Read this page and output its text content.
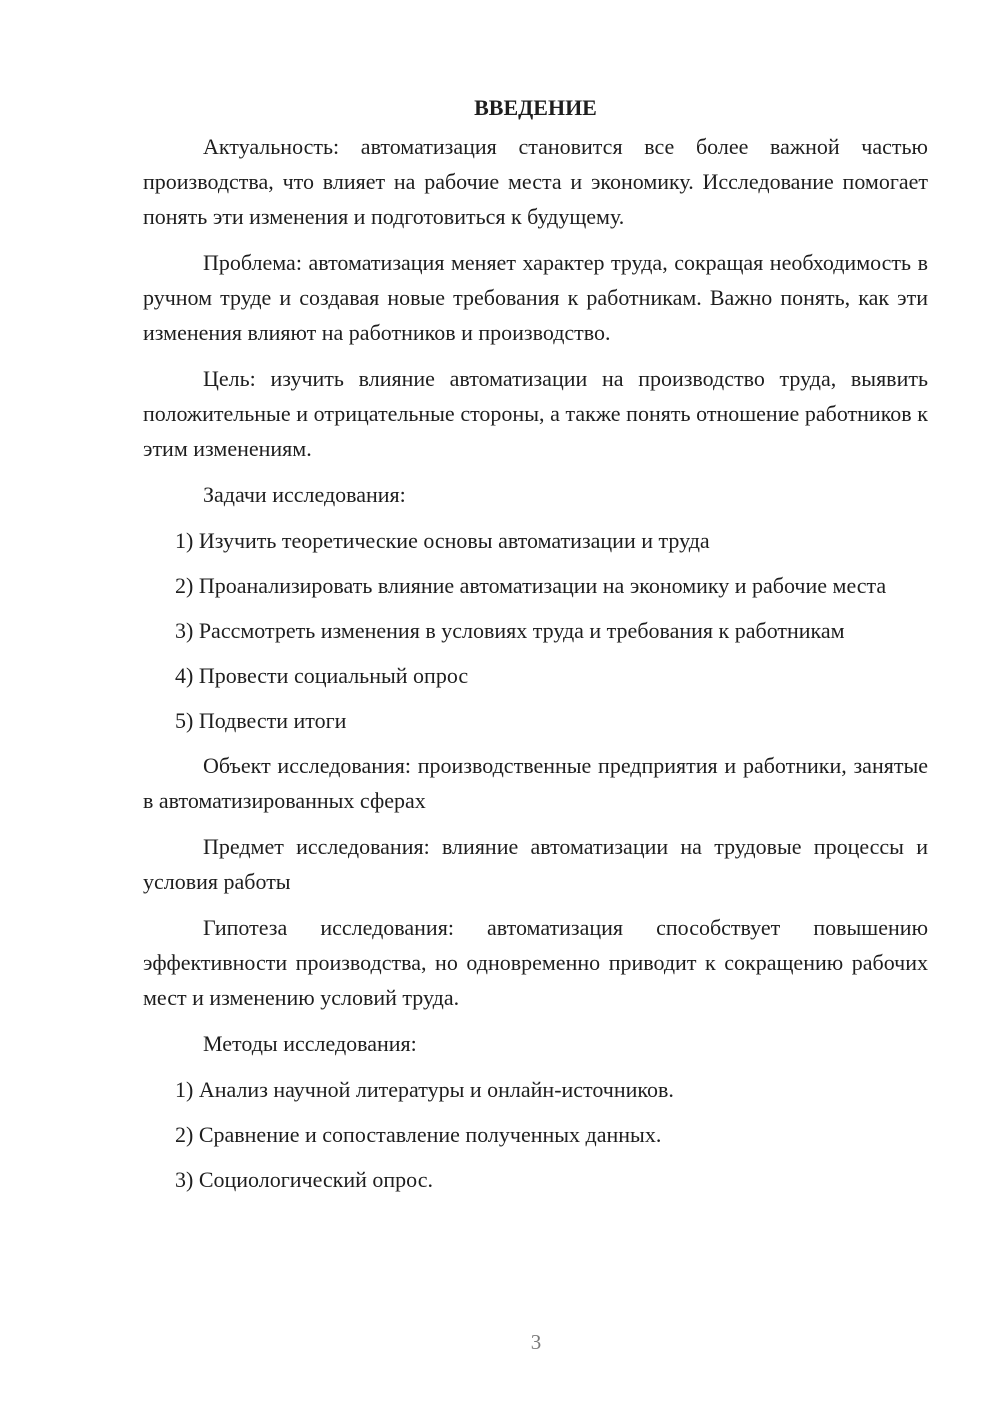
ВВЕДЕНИЕ

Актуальность: автоматизация становится все более важной частью производства, что влияет на рабочие места и экономику. Исследование помогает понять эти изменения и подготовиться к будущему.

Проблема: автоматизация меняет характер труда, сокращая необходимость в ручном труде и создавая новые требования к работникам. Важно понять, как эти изменения влияют на работников и производство.

Цель: изучить влияние автоматизации на производство труда, выявить положительные и отрицательные стороны, а также понять отношение работников к этим изменениям.

Задачи исследования:

1) Изучить теоретические основы автоматизации и труда

2) Проанализировать влияние автоматизации на экономику и рабочие места

3) Рассмотреть изменения в условиях труда и требования к работникам

4) Провести социальный опрос

5) Подвести итоги

Объект исследования: производственные предприятия и работники, занятые в автоматизированных сферах

Предмет исследования: влияние автоматизации на трудовые процессы и условия работы

Гипотеза исследования: автоматизация способствует повышению эффективности производства, но одновременно приводит к сокращению рабочих мест и изменению условий труда.

Методы исследования:

1) Анализ научной литературы и онлайн-источников.

2) Сравнение и сопоставление полученных данных.

3) Социологический опрос.

3
